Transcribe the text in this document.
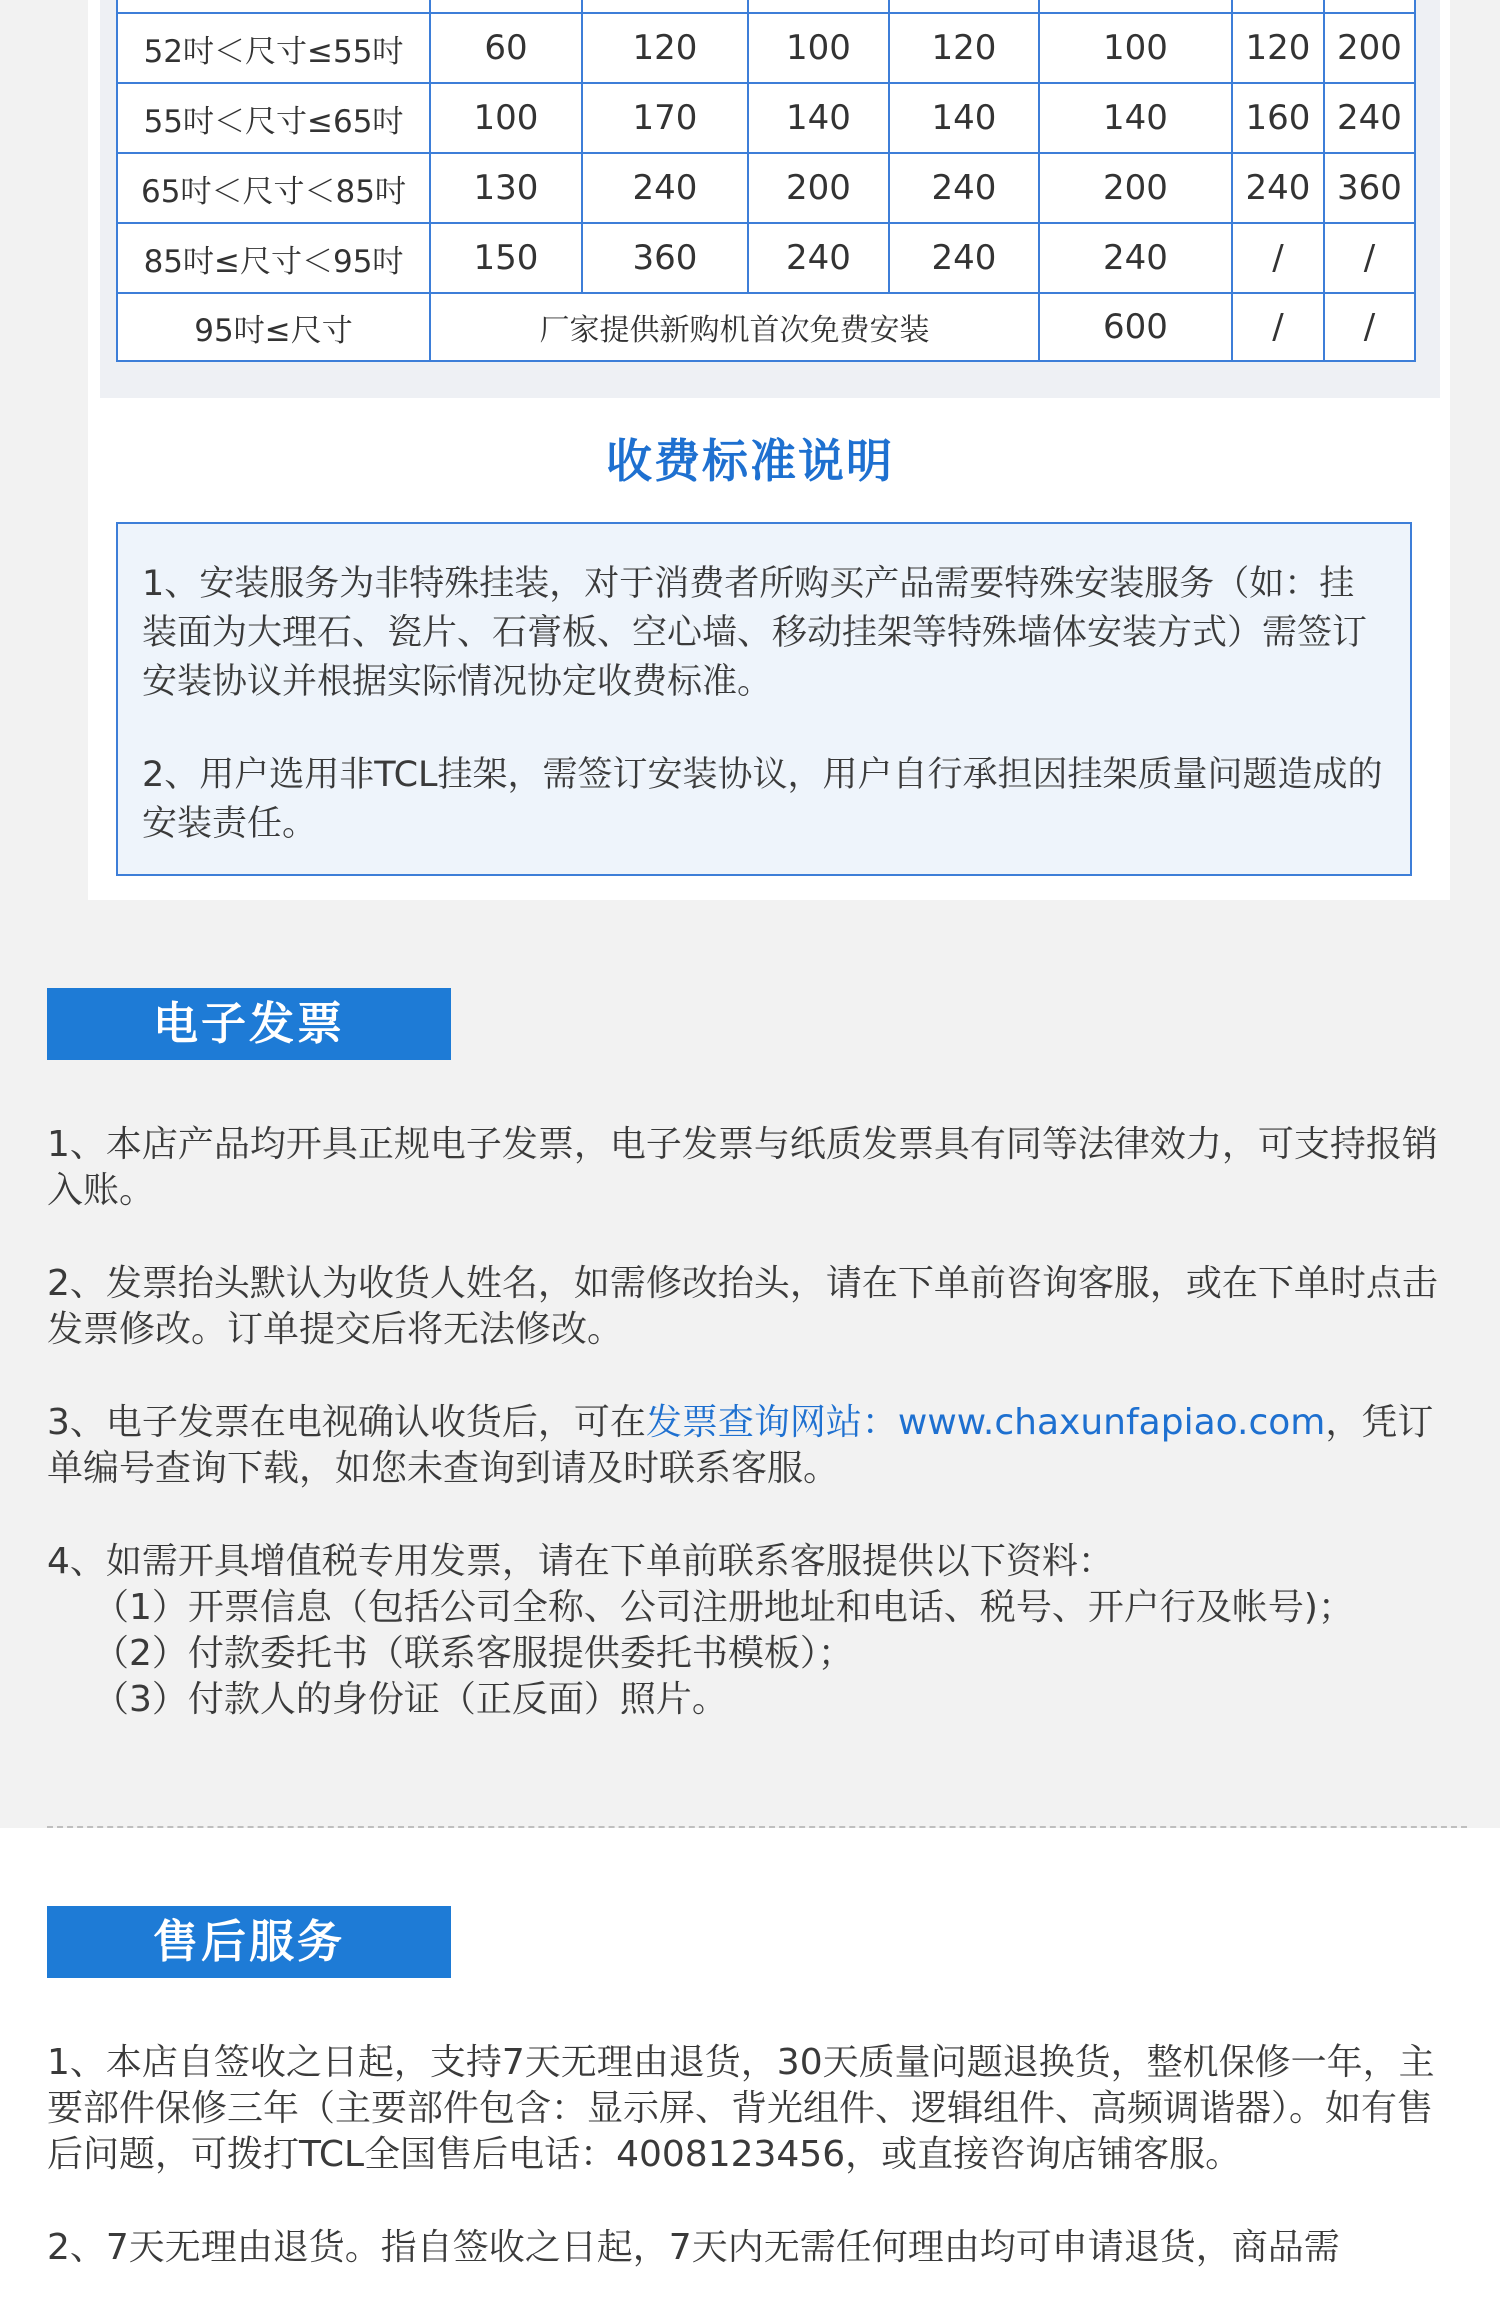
52吋＜尺寸≤55吋	60	120	100	120	100	120	200
55吋＜尺寸≤65吋	100	170	140	140	140	160	240
65吋＜尺寸＜85吋	130	240	200	240	200	240	360
85吋≤尺寸＜95吋	150	360	240	240	240	/	/
95吋≤尺寸	厂家提供新购机首次免费安装				600	/	/
收费标准说明

1、安装服务为非特殊挂装，对于消费者所购买产品需要特殊安装服务（如：挂装面为大理石、瓷片、石膏板、空心墙、移动挂架等特殊墙体安装方式）需签订安装协议并根据实际情况协定收费标准。

2、用户选用非TCL挂架，需签订安装协议，用户自行承担因挂架质量问题造成的安装责任。

电子发票

1、本店产品均开具正规电子发票，电子发票与纸质发票具有同等法律效力，可支持报销入账。

2、发票抬头默认为收货人姓名，如需修改抬头，请在下单前咨询客服，或在下单时点击发票修改。订单提交后将无法修改。

3、电子发票在电视确认收货后，可在发票查询网站：www.chaxunfapiao.com，凭订单编号查询下载，如您未查询到请及时联系客服。

4、如需开具增值税专用发票，请在下单前联系客服提供以下资料：
（1）开票信息（包括公司全称、公司注册地址和电话、税号、开户行及帐号)；
（2）付款委托书（联系客服提供委托书模板）；
（3）付款人的身份证（正反面）照片。

售后服务

1、本店自签收之日起，支持7天无理由退货，30天质量问题退换货，整机保修一年，主要部件保修三年（主要部件包含：显示屏、背光组件、逻辑组件、高频调谐器）。如有售后问题，可拨打TCL全国售后电话：4008123456，或直接咨询店铺客服。

2、7天无理由退货。指自签收之日起，7天内无需任何理由均可申请退货，商品需
